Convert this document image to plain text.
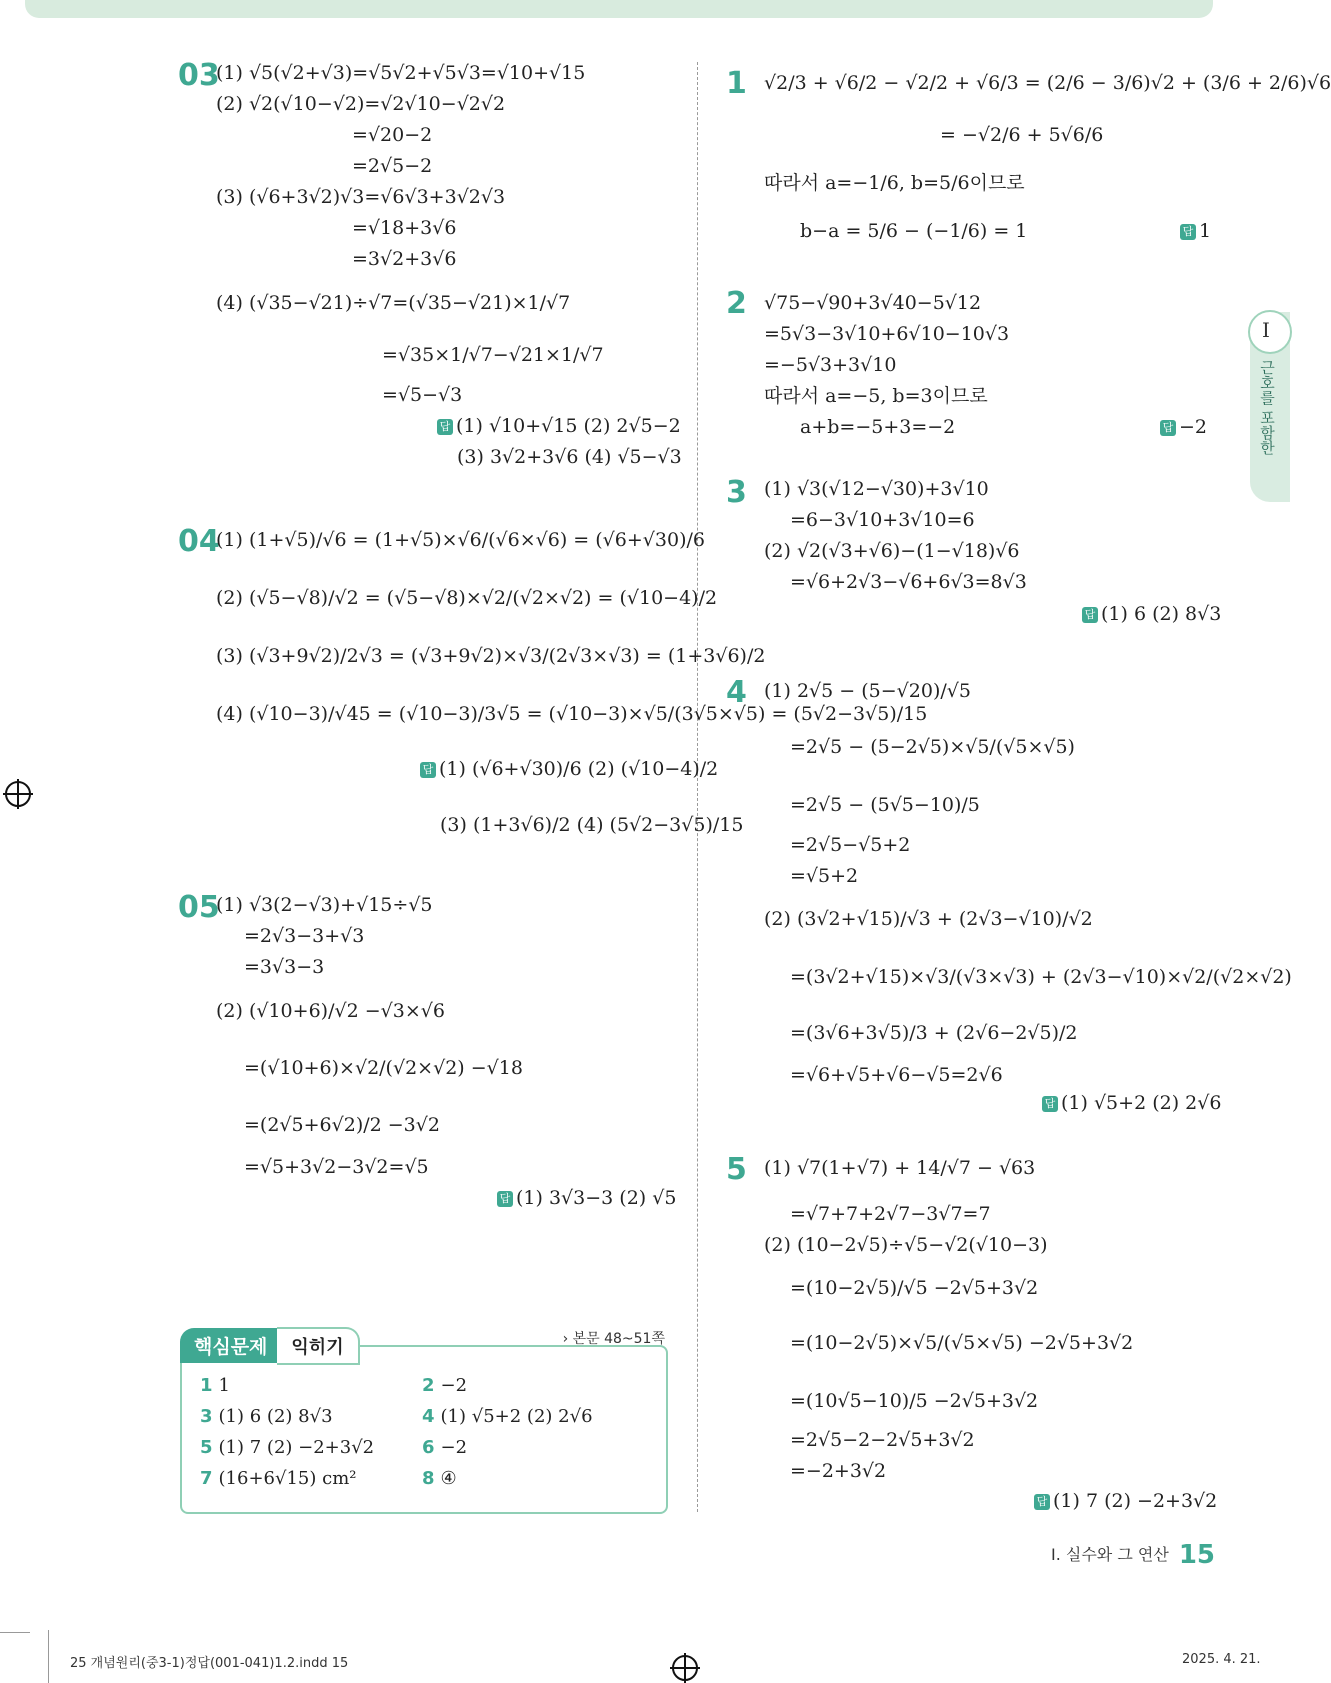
03
(1) √5(√2+√3)=√5√2+√5√3=√10+√15
(2) √2(√10−√2)=√2√10−√2√2
=√20−2
=2√5−2
(3) (√6+3√2)√3=√6√3+3√2√3
=√18+3√6
=3√2+3√6
(4) (√35−√21)÷√7=(√35−√21)×1/√7
=√35×1/√7−√21×1/√7
=√5−√3
답 (1) √10+√15 (2) 2√5−2
(3) 3√2+3√6 (4) √5−√3
04
(1) (1+√5)/√6 = (1+√5)×√6/(√6×√6) = (√6+√30)/6
(2) (√5−√8)/√2 = (√5−√8)×√2/(√2×√2) = (√10−4)/2
(3) (√3+9√2)/2√3 = (√3+9√2)×√3/(2√3×√3) = (1+3√6)/2
(4) (√10−3)/√45 = (√10−3)/3√5 = (√10−3)×√5/(3√5×√5) = (5√2−3√5)/15
답 (1) (√6+√30)/6 (2) (√10−4)/2
(3) (1+3√6)/2 (4) (5√2−3√5)/15
05
(1) √3(2−√3)+√15÷√5
=2√3−3+√3
=3√3−3
(2) (√10+6)/√2 −√3×√6
=(√10+6)×√2/(√2×√2) −√18
=(2√5+6√2)/2 −3√2
=√5+3√2−3√2=√5
답 (1) 3√3−3 (2) √5
핵심문제 익히기	› 본문 48~51쪽
1 1	2 −2
3 (1) 6 (2) 8√3	4 (1) √5+2 (2) 2√6
5 (1) 7 (2) −2+3√2	6 −2
7 (16+6√15) cm²	8 ④
1 √2/3 + √6/2 − √2/2 + √6/3 = (2/6 − 3/6)√2 + (3/6 + 2/6)√6
= −√2/6 + 5√6/6
따라서 a=−1/6, b=5/6이므로
b−a = 5/6 − (−1/6) = 1	답 1
2 √75−√90+3√40−5√12
=5√3−3√10+6√10−10√3
=−5√3+3√10
따라서 a=−5, b=3이므로
a+b=−5+3=−2	답 −2
3 (1) √3(√12−√30)+3√10
=6−3√10+3√10=6
(2) √2(√3+√6)−(1−√18)√6
=√6+2√3−√6+6√3=8√3
답 (1) 6 (2) 8√3
4 (1) 2√5 − (5−√20)/√5
=2√5 − (5−2√5)×√5/(√5×√5)
=2√5 − (5√5−10)/5
=2√5−√5+2
=√5+2
(2) (3√2+√15)/√3 + (2√3−√10)/√2
=(3√2+√15)×√3/(√3×√3) + (2√3−√10)×√2/(√2×√2)
=(3√6+3√5)/3 + (2√6−2√5)/2
=√6+√5+√6−√5=2√6
답 (1) √5+2 (2) 2√6
5 (1) √7(1+√7) + 14/√7 − √63
=√7+7+2√7−3√7=7
(2) (10−2√5)÷√5−√2(√10−3)
=(10−2√5)/√5 −2√5+3√2
=(10−2√5)×√5/(√5×√5) −2√5+3√2
=(10√5−10)/5 −2√5+3√2
=2√5−2−2√5+3√2
=−2+3√2
답 (1) 7 (2) −2+3√2
I
근호를 포함한
Ⅰ. 실수와 그 연산 15
25 개념원리(중3-1)정답(001-041)1.2.indd 15	2025. 4. 21.
